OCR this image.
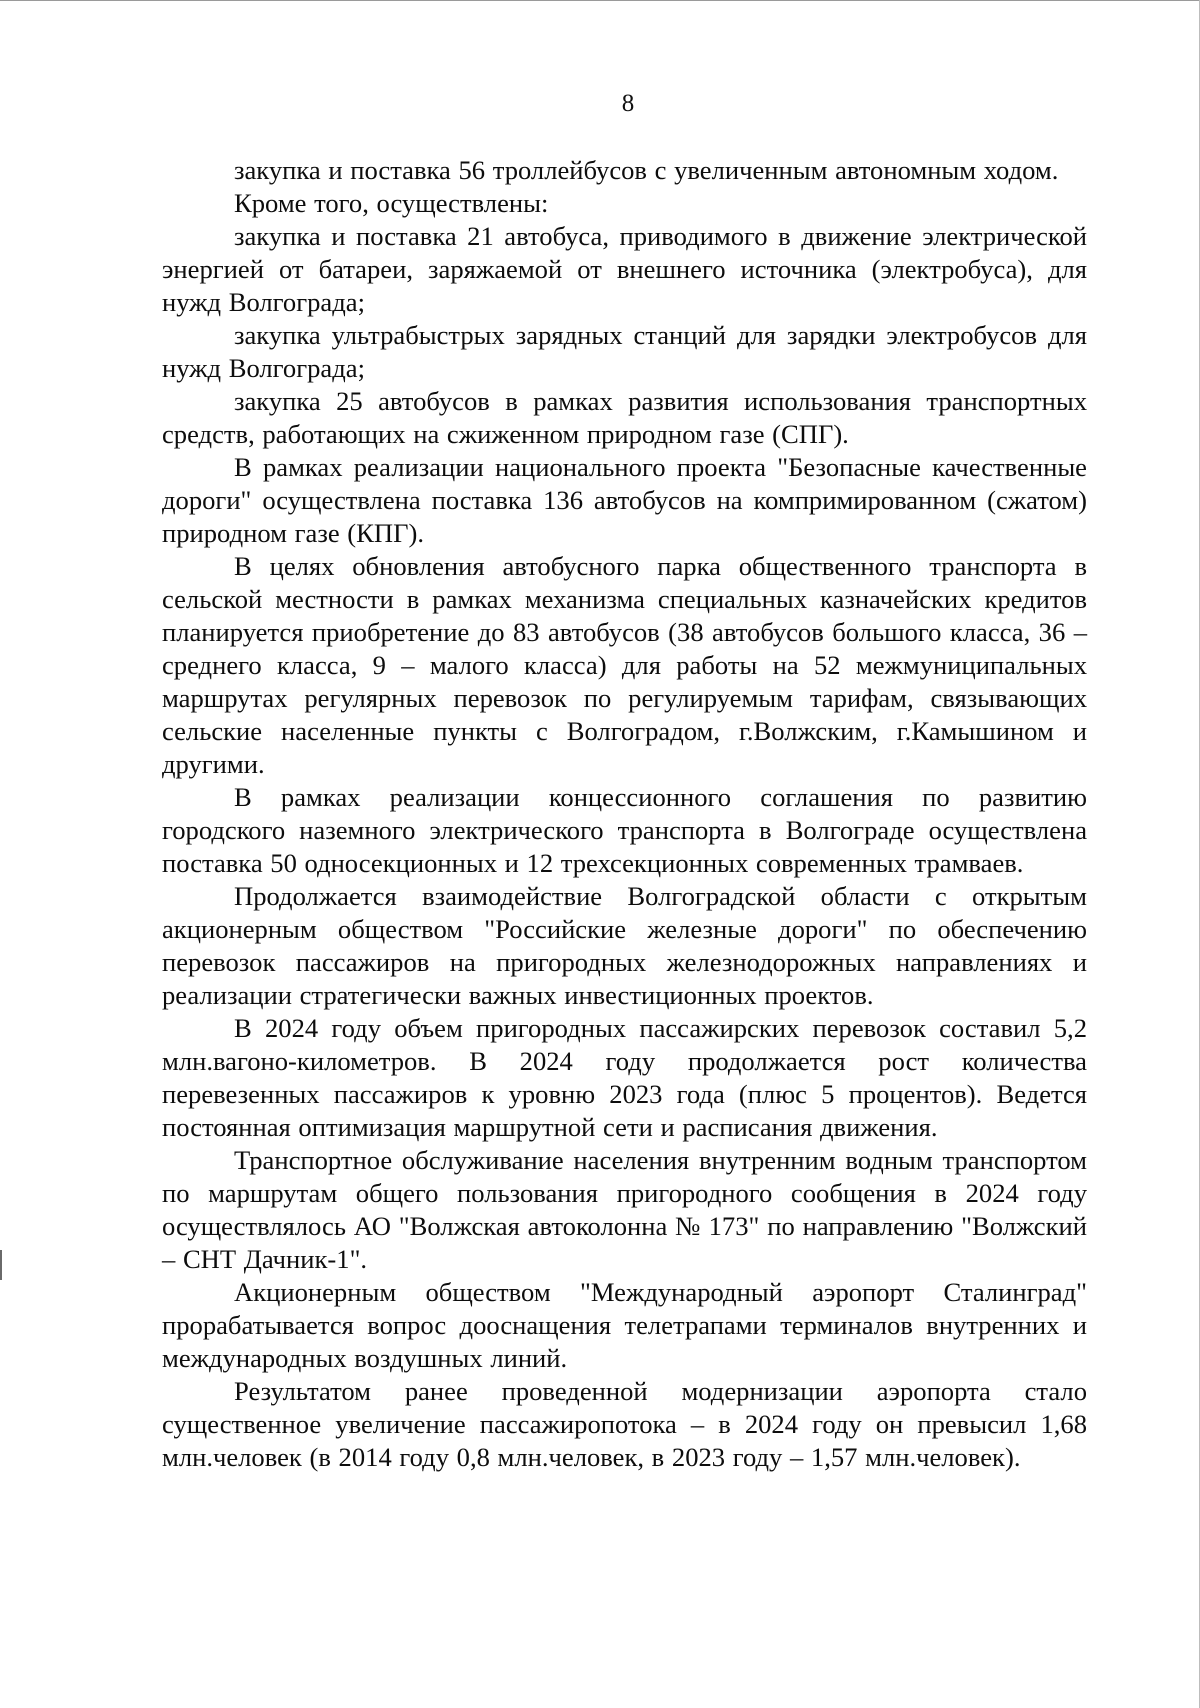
8

закупка и поставка 56 троллейбусов с увеличенным автономным ходом.

Кроме того, осуществлены:

закупка и поставка 21 автобуса, приводимого в движение электрической энергией от батареи, заряжаемой от внешнего источника (электробуса), для нужд Волгограда;

закупка ультрабыстрых зарядных станций для зарядки электробусов для нужд Волгограда;

закупка 25 автобусов в рамках развития использования транспортных средств, работающих на сжиженном природном газе (СПГ).

В рамках реализации национального проекта "Безопасные качественные дороги" осуществлена поставка 136 автобусов на компримированном (сжатом) природном газе (КПГ).

В целях обновления автобусного парка общественного транспорта в сельской местности в рамках механизма специальных казначейских кредитов планируется приобретение до 83 автобусов (38 автобусов большого класса, 36 – среднего класса, 9 – малого класса) для работы на 52 межмуниципальных маршрутах регулярных перевозок по регулируемым тарифам, связывающих сельские населенные пункты с Волгоградом, г.Волжским, г.Камышином и другими.

В рамках реализации концессионного соглашения по развитию городского наземного электрического транспорта в Волгограде осуществлена поставка 50 односекционных и 12 трехсекционных современных трамваев.

Продолжается взаимодействие Волгоградской области с открытым акционерным обществом "Российские железные дороги" по обеспечению перевозок пассажиров на пригородных железнодорожных направлениях и реализации стратегически важных инвестиционных проектов.

В 2024 году объем пригородных пассажирских перевозок составил 5,2 млн.вагоно-километров. В 2024 году продолжается рост количества перевезенных пассажиров к уровню 2023 года (плюс 5 процентов). Ведется постоянная оптимизация маршрутной сети и расписания движения.

Транспортное обслуживание населения внутренним водным транспортом по маршрутам общего пользования пригородного сообщения в 2024 году осуществлялось АО "Волжская автоколонна № 173" по направлению "Волжский – СНТ Дачник-1".

Акционерным обществом "Международный аэропорт Сталинград" прорабатывается вопрос дооснащения телетрапами терминалов внутренних и международных воздушных линий.

Результатом ранее проведенной модернизации аэропорта стало существенное увеличение пассажиропотока – в 2024 году он превысил 1,68 млн.человек (в 2014 году 0,8 млн.человек, в 2023 году – 1,57 млн.человек).
